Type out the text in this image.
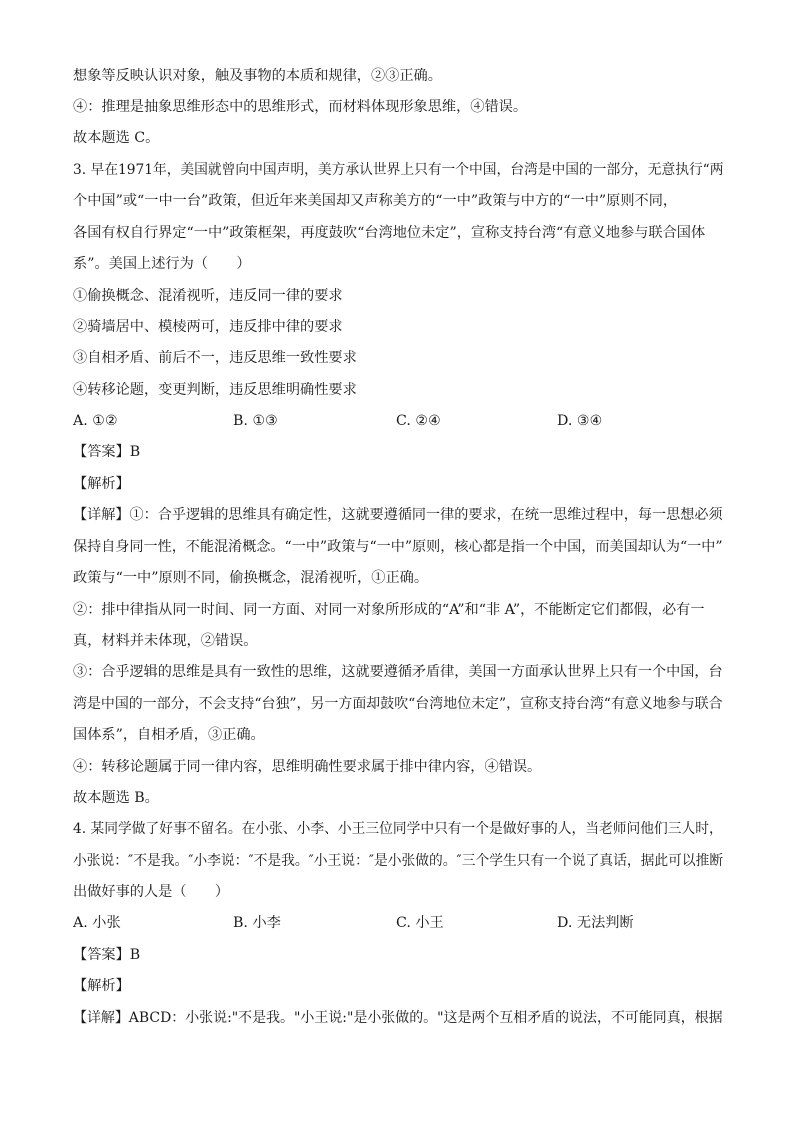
想象等反映认识对象，触及事物的本质和规律，②③正确。
④：推理是抽象思维形态中的思维形式，而材料体现形象思维，④错误。
故本题选 C。
3. 早在1971年，美国就曾向中国声明，美方承认世界上只有一个中国，台湾是中国的一部分，无意执行“两
个中国”或“一中一台”政策，但近年来美国却又声称美方的“一中”政策与中方的“一中”原则不同，
各国有权自行界定“一中”政策框架，再度鼓吹“台湾地位未定”，宣称支持台湾“有意义地参与联合国体
系”。美国上述行为（　　）
①偷换概念、混淆视听，违反同一律的要求
②骑墙居中、模棱两可，违反排中律的要求
③自相矛盾、前后不一，违反思维一致性要求
④转移论题，变更判断，违反思维明确性要求
A. ①②	B. ①③	C. ②④	D. ③④
【答案】B
【解析】
【详解】①：合乎逻辑的思维具有确定性，这就要遵循同一律的要求，在统一思维过程中，每一思想必须
保持自身同一性，不能混淆概念。“一中”政策与“一中”原则，核心都是指一个中国，而美国却认为“一中”
政策与“一中”原则不同，偷换概念，混淆视听，①正确。
②：排中律指从同一时间、同一方面、对同一对象所形成的“A”和“非 A”，不能断定它们都假，必有一
真，材料并未体现，②错误。
③：合乎逻辑的思维是具有一致性的思维，这就要遵循矛盾律，美国一方面承认世界上只有一个中国，台
湾是中国的一部分，不会支持“台独”，另一方面却鼓吹“台湾地位未定”，宣称支持台湾“有意义地参与联合
国体系”，自相矛盾，③正确。
④：转移论题属于同一律内容，思维明确性要求属于排中律内容，④错误。
故本题选 B。
4. 某同学做了好事不留名。在小张、小李、小王三位同学中只有一个是做好事的人，当老师问他们三人时，
小张说：″不是我。″小李说：″不是我。″小王说：″是小张做的。″三个学生只有一个说了真话，据此可以推断
出做好事的人是（　　）
A. 小张	B. 小李	C. 小王	D. 无法判断
【答案】B
【解析】
【详解】ABCD：小张说:"不是我。"小王说:"是小张做的。"这是两个互相矛盾的说法，不可能同真，根据
